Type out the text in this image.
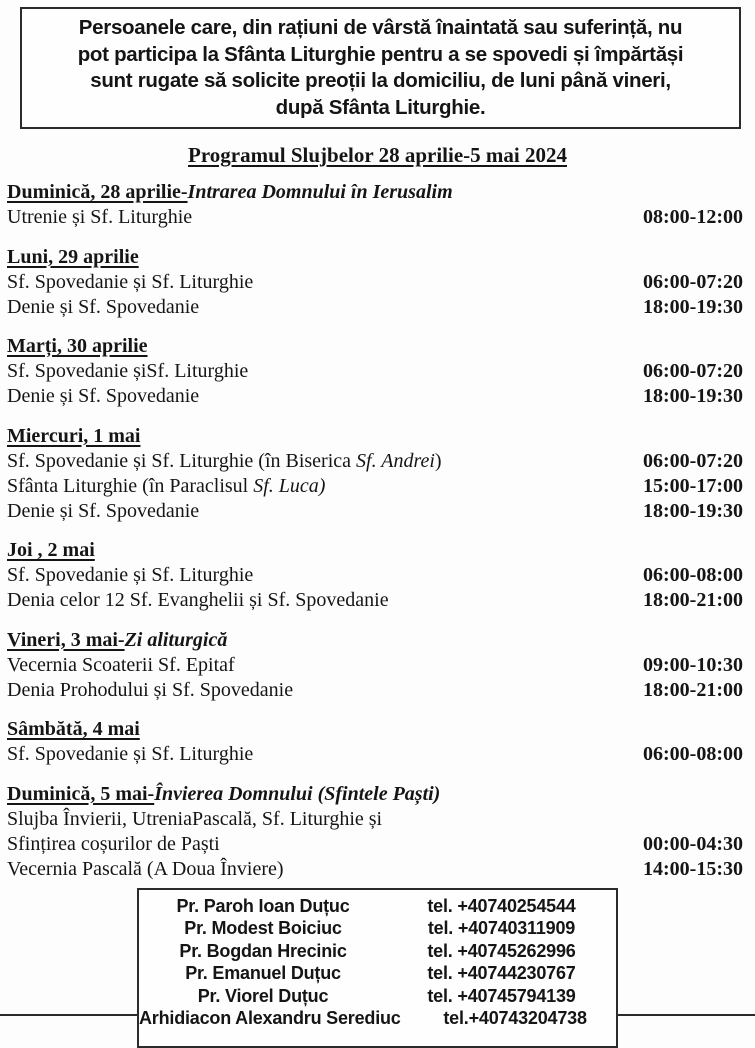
Persoanele care, din rațiuni de vârstă înaintată sau suferință, nu
pot participa la Sfânta Liturghie pentru a se spovedi și împărtăși
sunt rugate să solicite preoții la domiciliu, de luni până vineri,
după Sfânta Liturghie.
Programul Slujbelor 28 aprilie-5 mai 2024
Duminică, 28 aprilie-Intrarea Domnului în Ierusalim
Utrenie și Sf. Liturghie	08:00-12:00
Luni, 29 aprilie
Sf. Spovedanie și Sf. Liturghie	06:00-07:20
Denie și Sf. Spovedanie	18:00-19:30
Marți, 30 aprilie
Sf. Spovedanie șiSf. Liturghie	06:00-07:20
Denie și Sf. Spovedanie	18:00-19:30
Miercuri, 1 mai
Sf. Spovedanie și Sf. Liturghie (în Biserica Sf. Andrei)	06:00-07:20
Sfânta Liturghie (în Paraclisul Sf. Luca)	15:00-17:00
Denie și Sf. Spovedanie	18:00-19:30
Joi , 2 mai
Sf. Spovedanie și Sf. Liturghie	06:00-08:00
Denia celor 12 Sf. Evanghelii și Sf. Spovedanie	18:00-21:00
Vineri, 3 mai-Zi aliturgică
Vecernia Scoaterii Sf. Epitaf	09:00-10:30
Denia Prohodului și Sf. Spovedanie	18:00-21:00
Sâmbătă, 4 mai
Sf. Spovedanie și Sf. Liturghie	06:00-08:00
Duminică, 5 mai-Învierea Domnului (Sfintele Paști)
Slujba Învierii, UtreniaPascală, Sf. Liturghie și
Sfințirea coșurilor de Paști	00:00-04:30
Vecernia Pascală (A Doua Înviere)	14:00-15:30
Pr. Paroh Ioan Duțuc	tel. +40740254544
Pr. Modest Boiciuc	tel. +40740311909
Pr. Bogdan Hrecinic	tel. +40745262996
Pr. Emanuel Duțuc	tel. +40744230767
Pr. Viorel Duțuc	tel. +40745794139
Arhidiacon Alexandru Serediuc	tel.+40743204738
